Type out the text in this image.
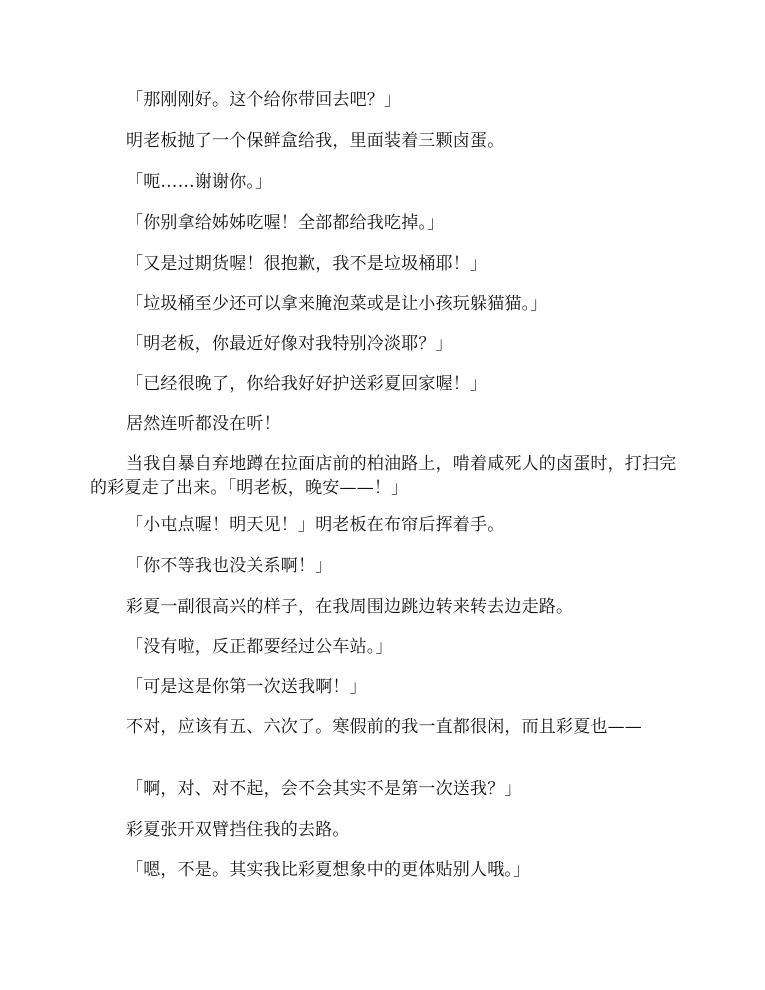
「那刚刚好。这个给你带回去吧？」

明老板抛了一个保鲜盒给我，里面装着三颗卤蛋。

「呃……谢谢你。」

「你别拿给姊姊吃喔！全部都给我吃掉。」

「又是过期货喔！很抱歉，我不是垃圾桶耶！」

「垃圾桶至少还可以拿来腌泡菜或是让小孩玩躲猫猫。」

「明老板，你最近好像对我特别冷淡耶？」

「已经很晚了，你给我好好护送彩夏回家喔！」

居然连听都没在听！

当我自暴自弃地蹲在拉面店前的柏油路上，啃着咸死人的卤蛋时，打扫完的彩夏走了出来。「明老板，晚安——！」

「小屯点喔！明天见！」明老板在布帘后挥着手。

「你不等我也没关系啊！」

彩夏一副很高兴的样子，在我周围边跳边转来转去边走路。

「没有啦，反正都要经过公车站。」

「可是这是你第一次送我啊！」

不对，应该有五、六次了。寒假前的我一直都很闲，而且彩夏也——

「啊，对、对不起，会不会其实不是第一次送我？」

彩夏张开双臂挡住我的去路。

「嗯，不是。其实我比彩夏想象中的更体贴别人哦。」
